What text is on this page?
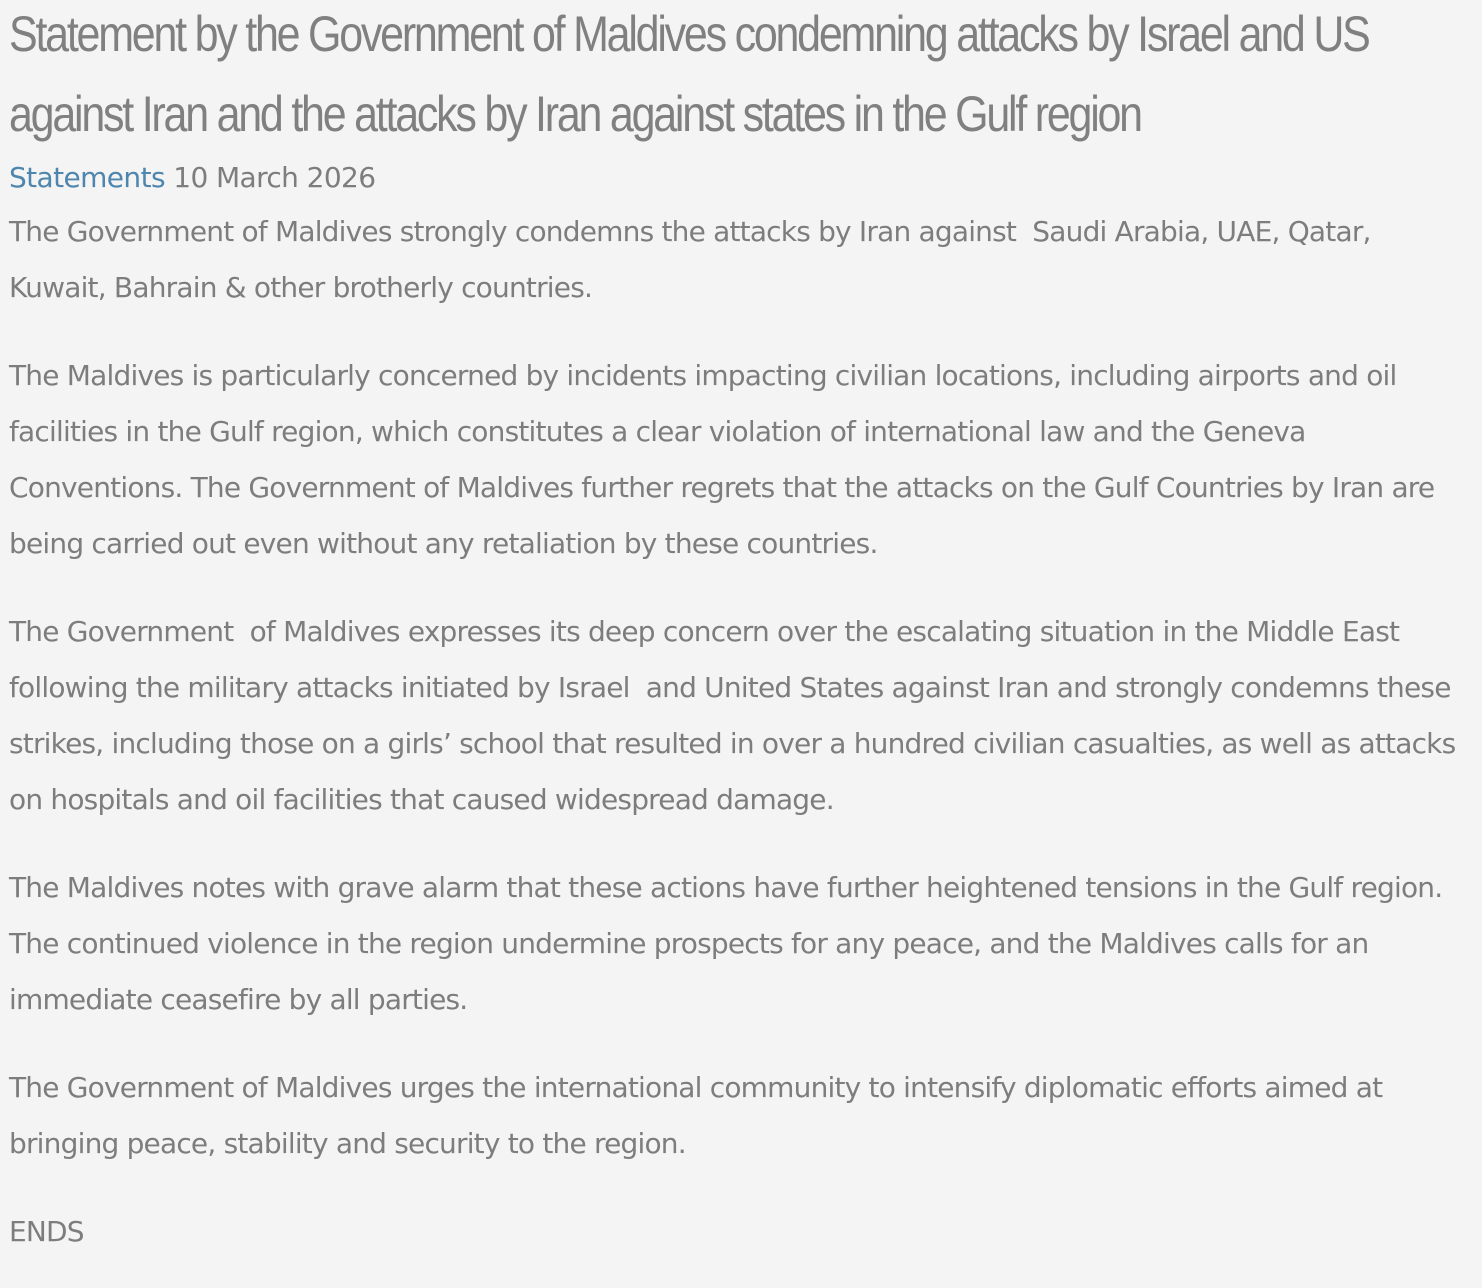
Statement by the Government of Maldives condemning attacks by Israel and US against Iran and the attacks by Iran against states in the Gulf region
Statements 10 March 2026

The Government of Maldives strongly condemns the attacks by Iran against  Saudi Arabia, UAE, Qatar, Kuwait, Bahrain & other brotherly countries.

The Maldives is particularly concerned by incidents impacting civilian locations, including airports and oil facilities in the Gulf region, which constitutes a clear violation of international law and the Geneva Conventions. The Government of Maldives further regrets that the attacks on the Gulf Countries by Iran are being carried out even without any retaliation by these countries.

The Government  of Maldives expresses its deep concern over the escalating situation in the Middle East following the military attacks initiated by Israel  and United States against Iran and strongly condemns these strikes, including those on a girls’ school that resulted in over a hundred civilian casualties, as well as attacks on hospitals and oil facilities that caused widespread damage.

The Maldives notes with grave alarm that these actions have further heightened tensions in the Gulf region. The continued violence in the region undermine prospects for any peace, and the Maldives calls for an immediate ceasefire by all parties.

The Government of Maldives urges the international community to intensify diplomatic efforts aimed at bringing peace, stability and security to the region.

ENDS
